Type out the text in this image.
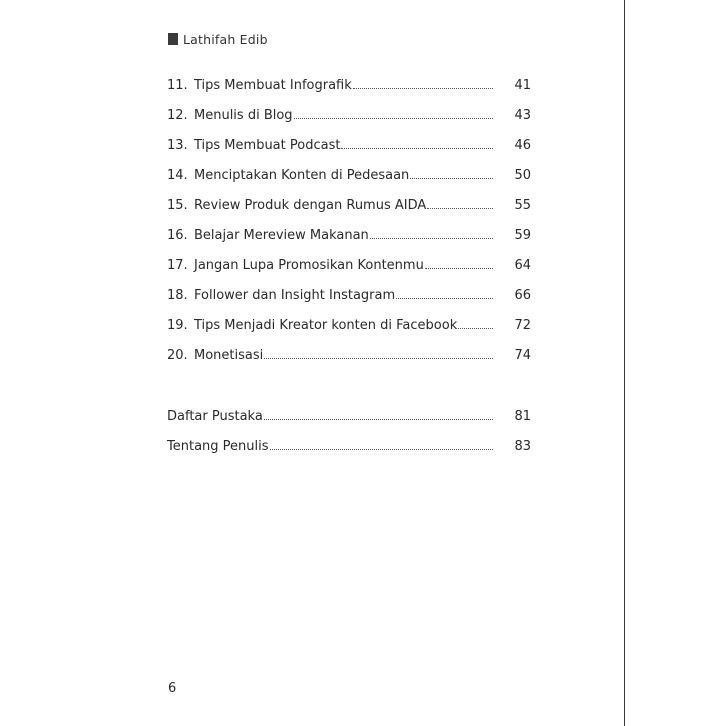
Lathifah Edib
11. Tips Membuat Infografik	41
12. Menulis di Blog	43
13. Tips Membuat Podcast	46
14. Menciptakan Konten di Pedesaan	50
15. Review Produk dengan Rumus AIDA	55
16. Belajar Mereview Makanan	59
17. Jangan Lupa Promosikan Kontenmu	64
18. Follower dan Insight Instagram	66
19. Tips Menjadi Kreator konten di Facebook	72
20. Monetisasi	74
Daftar Pustaka	81
Tentang Penulis	83
6
